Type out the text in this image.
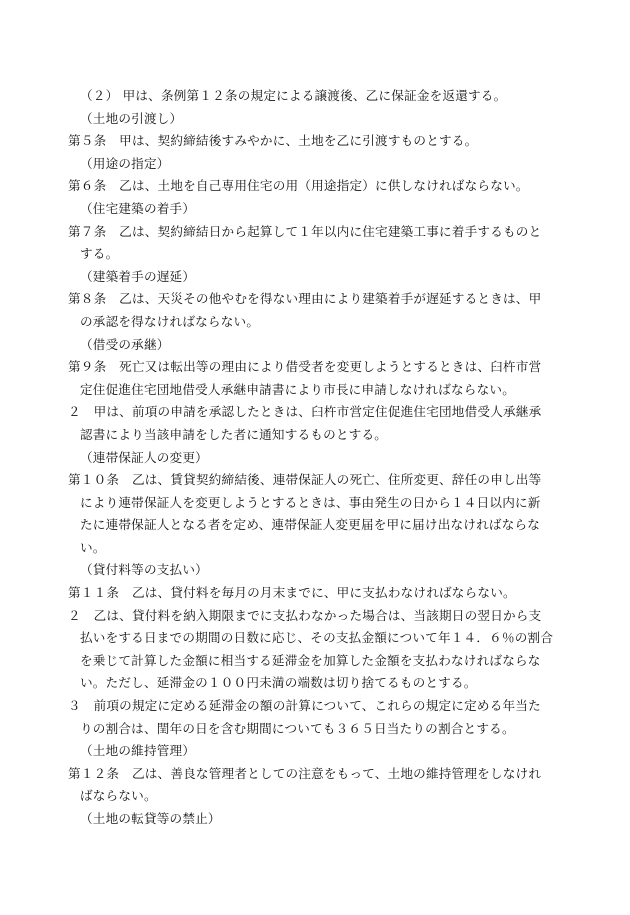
（２） 甲は、条例第１２条の規定による譲渡後、乙に保証金を返還する。
（土地の引渡し）
第５条　甲は、契約締結後すみやかに、土地を乙に引渡すものとする。
（用途の指定）
第６条　乙は、土地を自己専用住宅の用（用途指定）に供しなければならない。
（住宅建築の着手）
第７条　乙は、契約締結日から起算して１年以内に住宅建築工事に着手するものと
する。
（建築着手の遅延）
第８条　乙は、天災その他やむを得ない理由により建築着手が遅延するときは、甲
の承認を得なければならない。
（借受の承継）
第９条　死亡又は転出等の理由により借受者を変更しようとするときは、臼杵市営
定住促進住宅団地借受人承継申請書により市長に申請しなければならない。
２　甲は、前項の申請を承認したときは、臼杵市営定住促進住宅団地借受人承継承
認書により当該申請をした者に通知するものとする。
（連帯保証人の変更）
第１０条　乙は、賃貸契約締結後、連帯保証人の死亡、住所変更、辞任の申し出等
により連帯保証人を変更しようとするときは、事由発生の日から１４日以内に新
たに連帯保証人となる者を定め、連帯保証人変更届を甲に届け出なければならな
い。
（貸付料等の支払い）
第１１条　乙は、貸付料を毎月の月末までに、甲に支払わなければならない。
２　乙は、貸付料を納入期限までに支払わなかった場合は、当該期日の翌日から支
払いをする日までの期間の日数に応じ、その支払金額について年１４．６％の割合
を乗じて計算した金額に相当する延滞金を加算した金額を支払わなければならな
い。ただし、延滞金の１００円未満の端数は切り捨てるものとする。
３　前項の規定に定める延滞金の額の計算について、これらの規定に定める年当た
りの割合は、閏年の日を含む期間についても３６５日当たりの割合とする。
（土地の維持管理）
第１２条　乙は、善良な管理者としての注意をもって、土地の維持管理をしなけれ
ばならない。
（土地の転貸等の禁止）
